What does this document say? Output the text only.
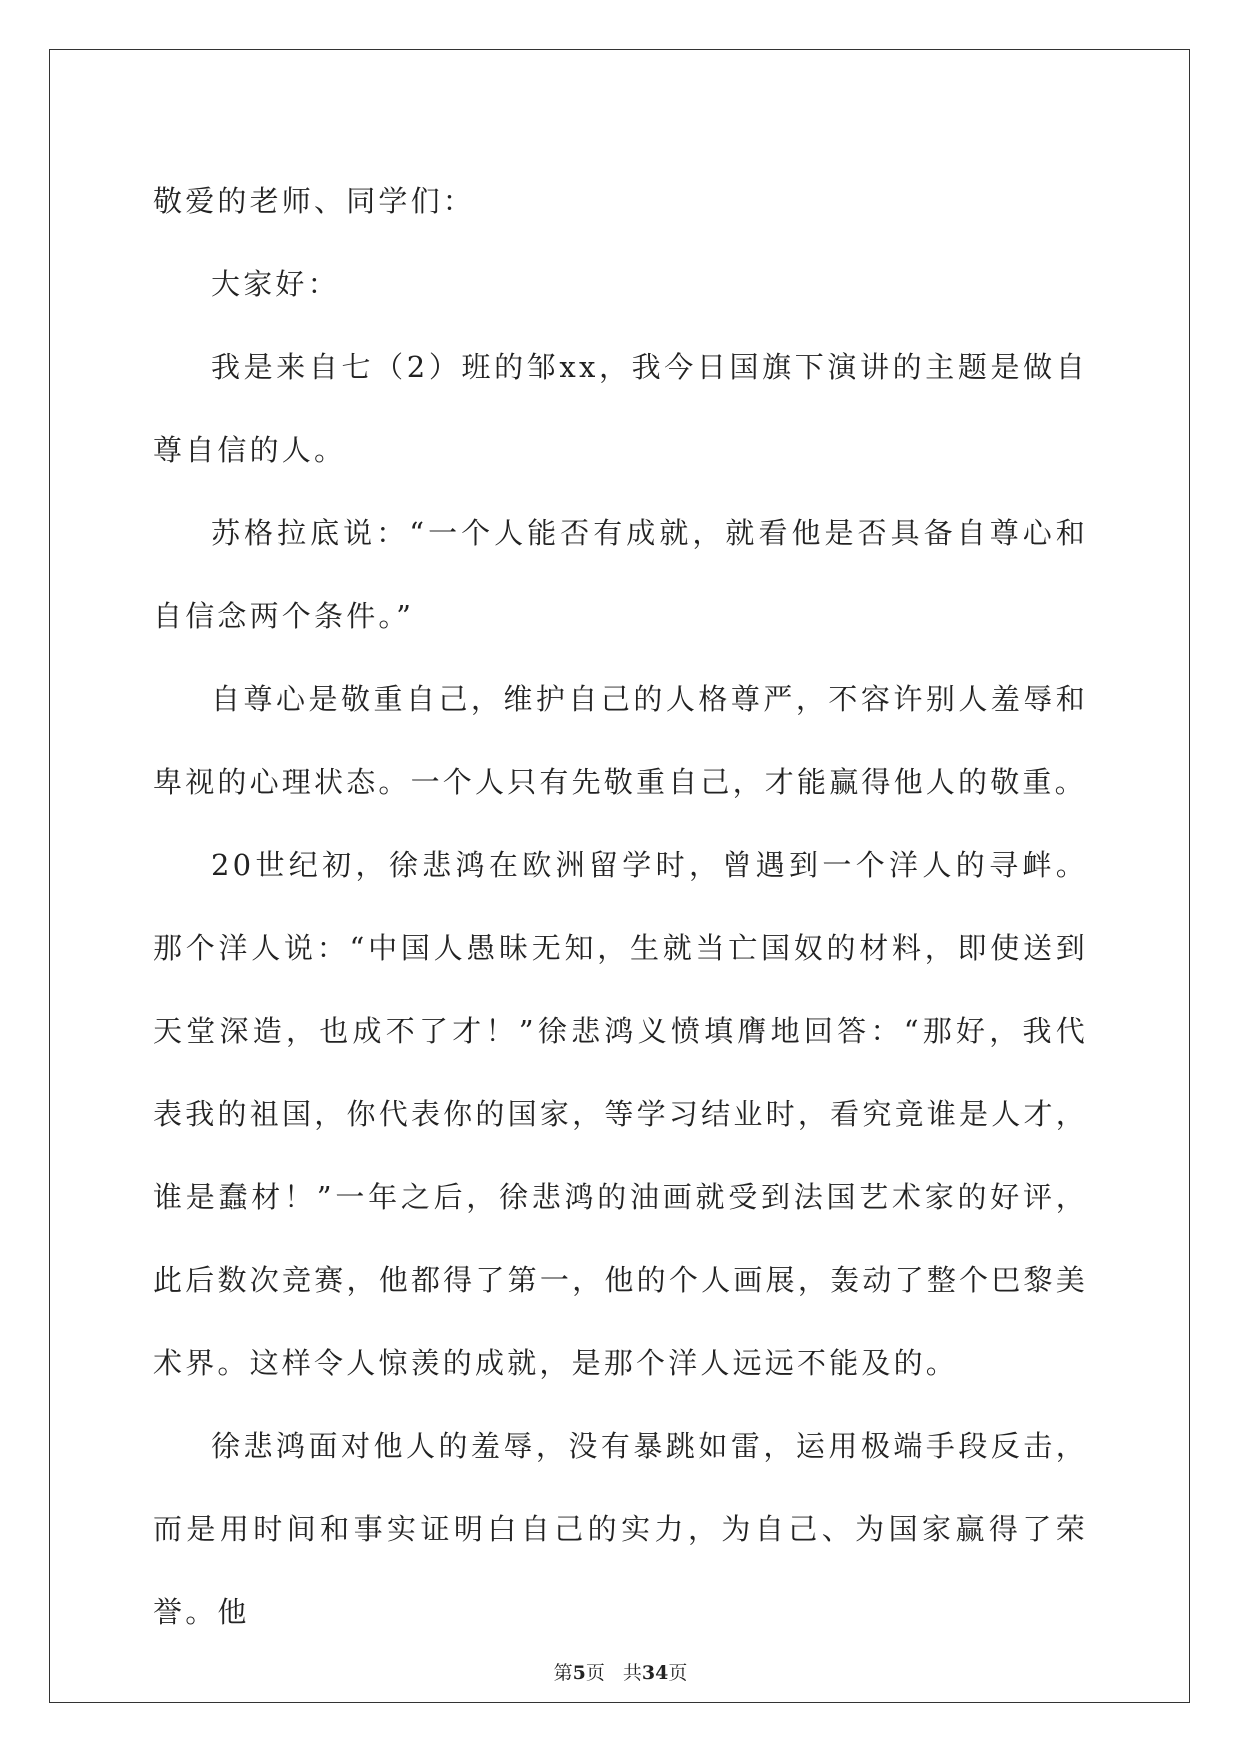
敬爱的老师、同学们：

大家好：

我是来自七（2）班的邹xx，我今日国旗下演讲的主题是做自尊自信的人。

苏格拉底说：“一个人能否有成就，就看他是否具备自尊心和自信念两个条件。”

自尊心是敬重自己，维护自己的人格尊严，不容许别人羞辱和卑视的心理状态。一个人只有先敬重自己，才能赢得他人的敬重。

20世纪初，徐悲鸿在欧洲留学时，曾遇到一个洋人的寻衅。那个洋人说：“中国人愚昧无知，生就当亡国奴的材料，即使送到天堂深造，也成不了才！”徐悲鸿义愤填膺地回答：“那好，我代表我的祖国，你代表你的国家，等学习结业时，看究竟谁是人才，谁是蠢材！”一年之后，徐悲鸿的油画就受到法国艺术家的好评，此后数次竞赛，他都得了第一，他的个人画展，轰动了整个巴黎美术界。这样令人惊羡的成就，是那个洋人远远不能及的。

徐悲鸿面对他人的羞辱，没有暴跳如雷，运用极端手段反击，而是用时间和事实证明白自己的实力，为自己、为国家赢得了荣誉。他

第5页 共34页
